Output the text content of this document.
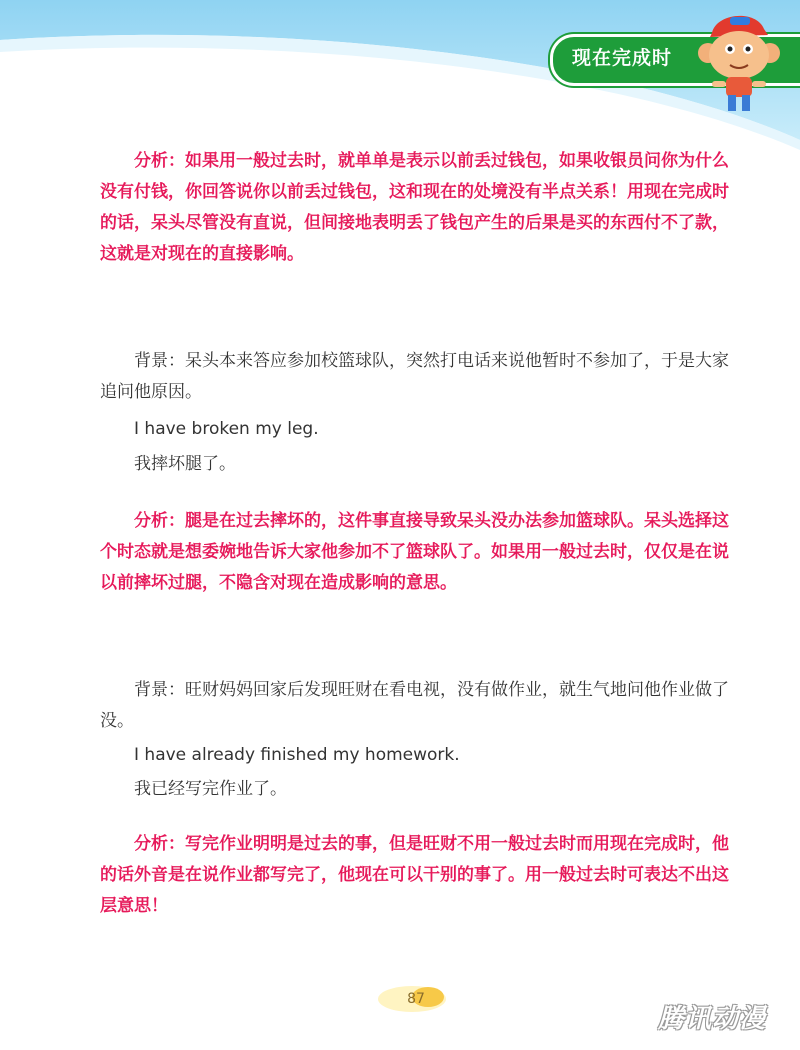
现在完成时

分析：如果用一般过去时，就单单是表示以前丢过钱包，如果收银员问你为什么没有付钱，你回答说你以前丢过钱包，这和现在的处境没有半点关系！用现在完成时的话，呆头尽管没有直说，但间接地表明丢了钱包产生的后果是买的东西付不了款，这就是对现在的直接影响。

背景：呆头本来答应参加校篮球队，突然打电话来说他暂时不参加了，于是大家追问他原因。

I have broken my leg.
我摔坏腿了。

分析：腿是在过去摔坏的，这件事直接导致呆头没办法参加篮球队。呆头选择这个时态就是想委婉地告诉大家他参加不了篮球队了。如果用一般过去时，仅仅是在说以前摔坏过腿，不隐含对现在造成影响的意思。

背景：旺财妈妈回家后发现旺财在看电视，没有做作业，就生气地问他作业做了没。

I have already finished my homework.
我已经写完作业了。

分析：写完作业明明是过去的事，但是旺财不用一般过去时而用现在完成时，他的话外音是在说作业都写完了，他现在可以干别的事了。用一般过去时可表达不出这层意思！

87
腾讯动漫
